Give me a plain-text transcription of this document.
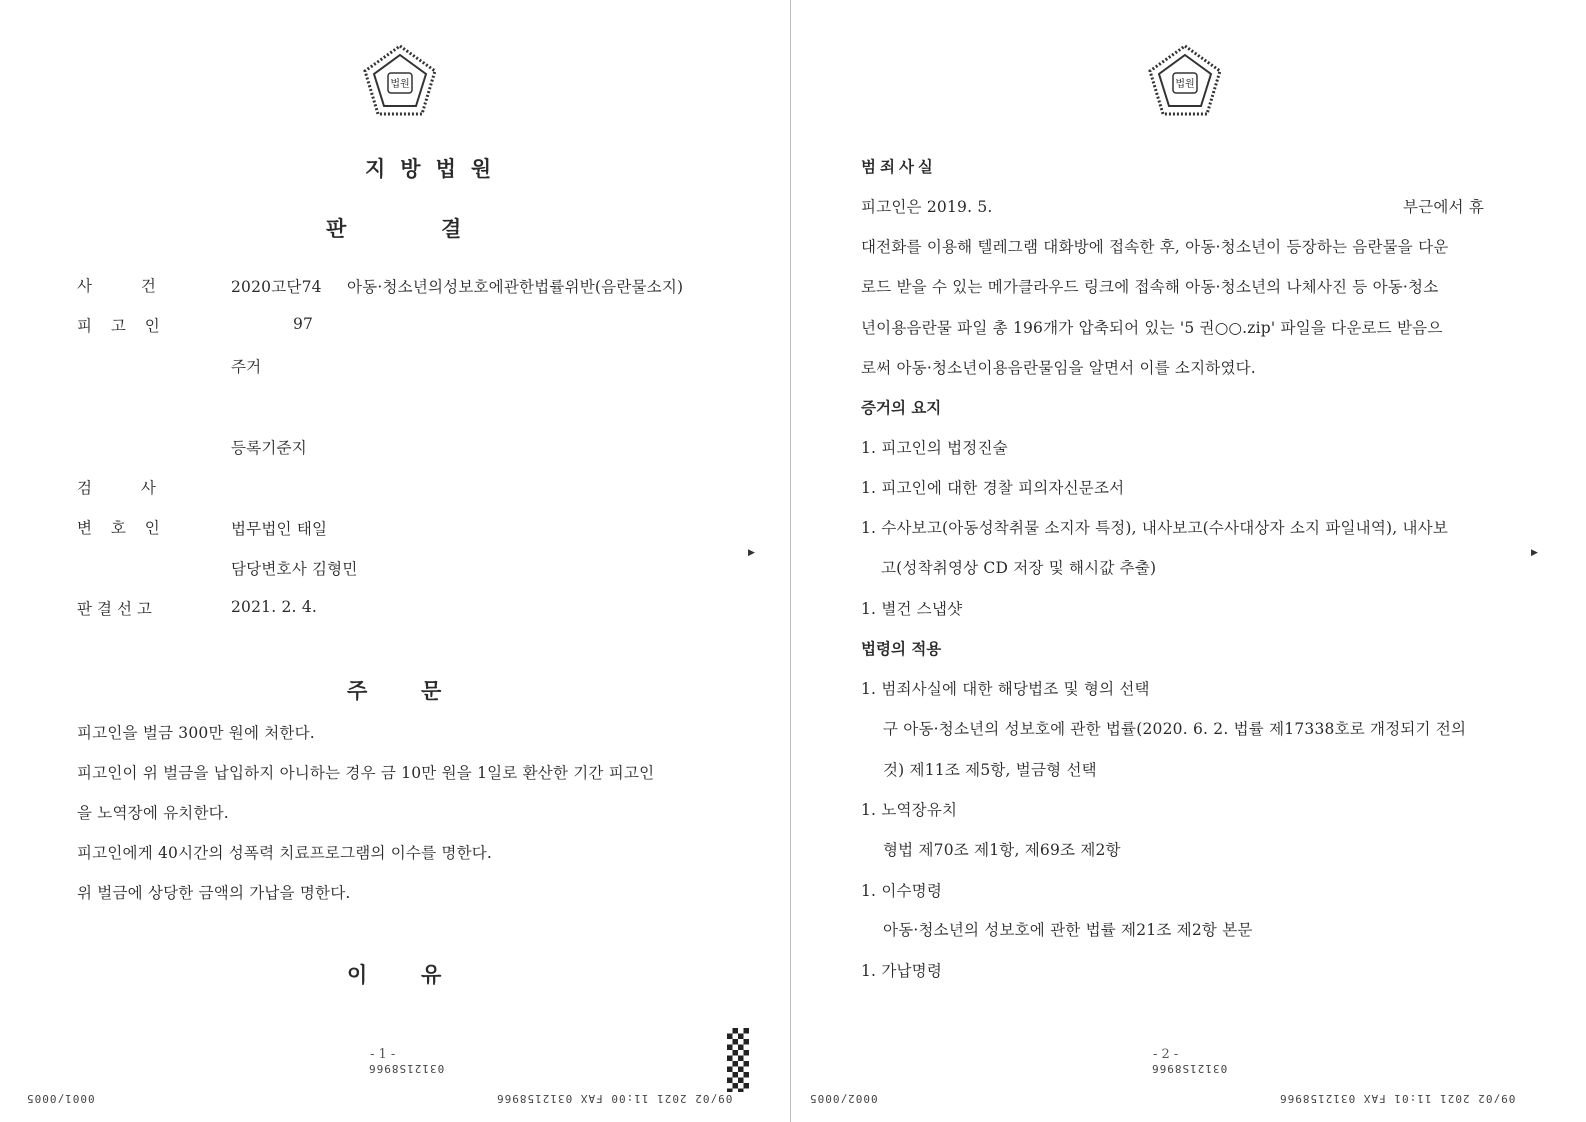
법원
지방법원
판	결
사 건	2020고단74 아동·청소년의성보호에관한법률위반(음란물소지)
피 고 인	97
주거
등록기준지
검 사
변 호 인	법무법인 태일
담당변호사 김형민
판결선고	2021. 2. 4.
주	문
피고인을 벌금 300만 원에 처한다.
피고인이 위 벌금을 납입하지 아니하는 경우 금 10만 원을 1일로 환산한 기간 피고인
을 노역장에 유치한다.
피고인에게 40시간의 성폭력 치료프로그램의 이수를 명한다.
위 벌금에 상당한 금액의 가납을 명한다.
이	유
▶
- 1 -
03121S8966
09/02 2021 11:00 FAX 0312158966
0001/0005
법원
범죄사실
피고인은 2019. 5.	부근에서 휴
대전화를 이용해 텔레그램 대화방에 접속한 후, 아동·청소년이 등장하는 음란물을 다운
로드 받을 수 있는 메가클라우드 링크에 접속해 아동·청소년의 나체사진 등 아동·청소
년이용음란물 파일 총 196개가 압축되어 있는 '5 권○○.zip' 파일을 다운로드 받음으
로써 아동·청소년이용음란물임을 알면서 이를 소지하였다.
증거의 요지
1. 피고인의 법정진술
1. 피고인에 대한 경찰 피의자신문조서
1. 수사보고(아동성착취물 소지자 특정), 내사보고(수사대상자 소지 파일내역), 내사보
고(성착취영상 CD 저장 및 해시값 추출)
1. 별건 스냅샷
법령의 적용
1. 범죄사실에 대한 해당법조 및 형의 선택
구 아동·청소년의 성보호에 관한 법률(2020. 6. 2. 법률 제17338호로 개정되기 전의
것) 제11조 제5항, 벌금형 선택
1. 노역장유치
형법 제70조 제1항, 제69조 제2항
1. 이수명령
아동·청소년의 성보호에 관한 법률 제21조 제2항 본문
1. 가납명령
▶
- 2 -
03121S8966
09/02 2021 11:01 FAX 0312158966
0002/0005
